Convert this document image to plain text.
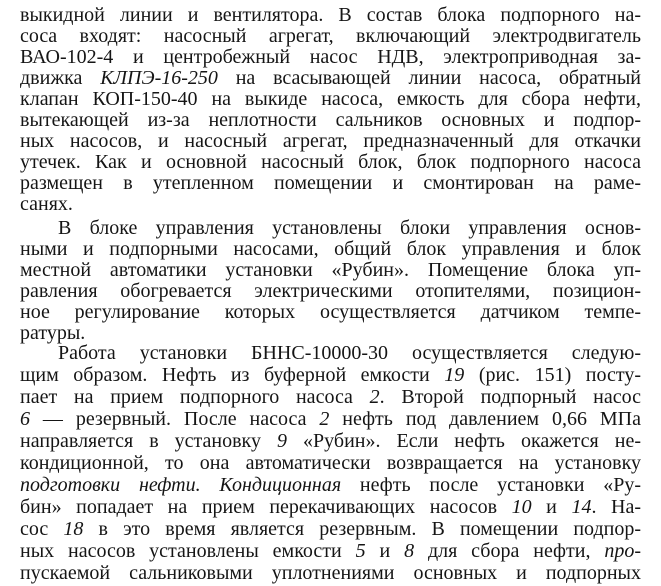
выкидной линии и вентилятора. В состав блока подпорного на-
сосa входят: насосный агрегат, включающий электродвигатель
ВАО-102-4 и центробежный насос НДВ, электроприводная за-
движка КЛПЭ-16-250 на всасывающей линии насоса, обратный
клапан КОП-150-40 на выкиде насоса, емкость для сбора нефти,
вытекающей из-за неплотности сальников основных и подпор-
ных насосов, и насосный агрегат, предназначенный для откачки
утечек. Как и основной насосный блок, блок подпорного насоса
размещен в утепленном помещении и смонтирован на раме-
санях.
В блоке управления установлены блоки управления основ-
ными и подпорными насосами, общий блок управления и блок
местной автоматики установки «Рубин». Помещение блока уп-
равления обогревается электрическими отопителями, позицион-
ное регулирование которых осуществляется датчиком темпе-
ратуры.
Работа установки БННС-10000-30 осуществляется следую-
щим образом. Нефть из буферной емкости 19 (рис. 151) посту-
пает на прием подпорного насоса 2. Второй подпорный насос
6 — резервный. После насоса 2 нефть под давлением 0,66 МПа
направляется в установку 9 «Рубин». Если нефть окажется не-
кондиционной, то она автоматически возвращается на установку
подготовки нефти. Кондиционная нефть после установки «Ру-
бин» попадает на прием перекачивающих насосов 10 и 14. На-
сос 18 в это время является резервным. В помещении подпор-
ных насосов установлены емкости 5 и 8 для сбора нефти, про-
пускаемой сальниковыми уплотнениями основных и подпорных
